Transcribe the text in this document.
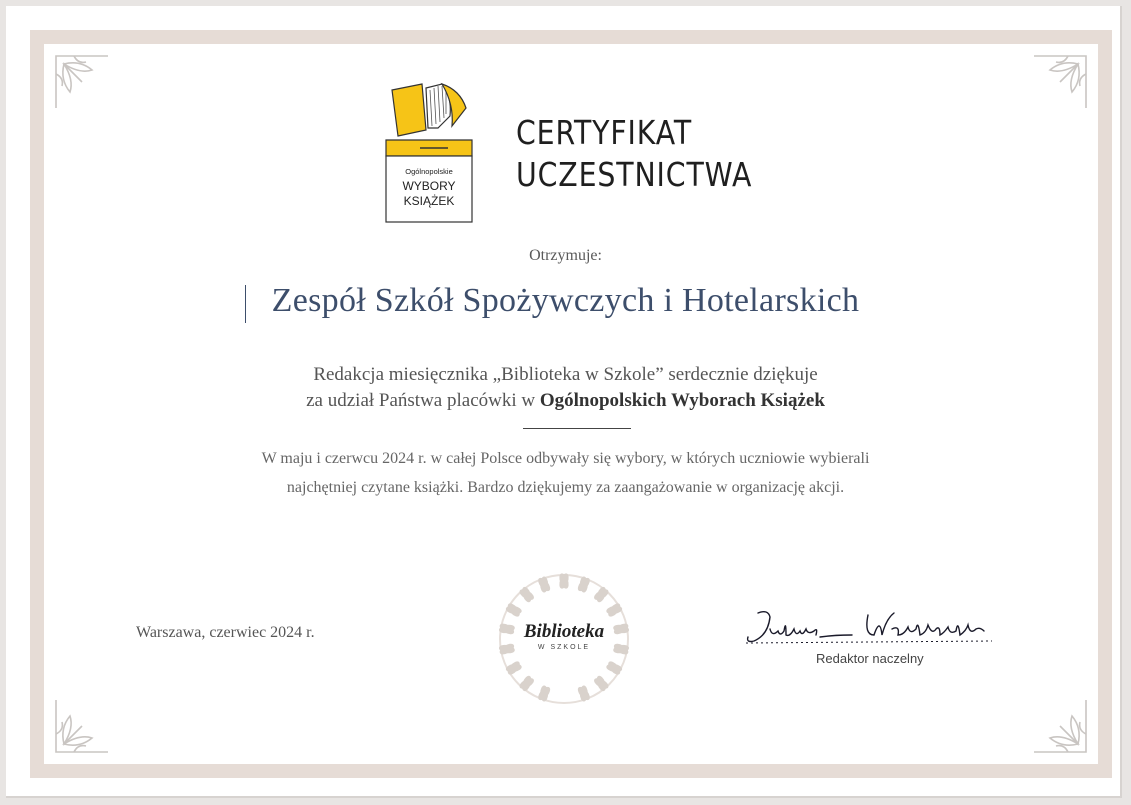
Ogólnopolskie
WYBORY
KSIĄŻEK
CERTYFIKAT
UCZESTNICTWA
Otrzymuje:
Zespół Szkół Spożywczych i Hotelarskich
Redakcja miesięcznika „Biblioteka w Szkole” serdecznie dziękuje
za udział Państwa placówki w Ogólnopolskich Wyborach Książek
W maju i czerwcu 2024 r. w całej Polsce odbywały się wybory, w których uczniowie wybierali
najchętniej czytane książki. Bardzo dziękujemy za zaangażowanie w organizację akcji.
Warszawa, czerwiec 2024 r.	Biblioteka
W SZKOLE
Redaktor naczelny
